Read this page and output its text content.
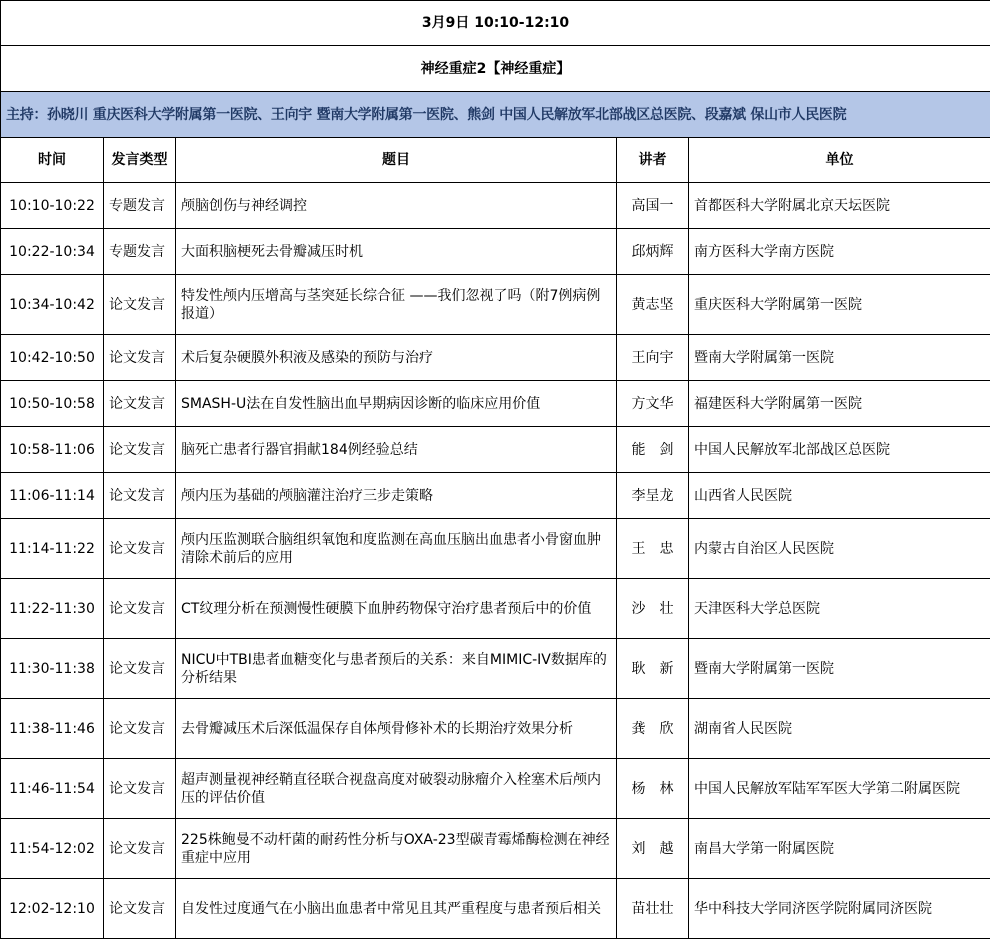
3月9日 10:10-12:10				
神经重症2【神经重症】				
主持：孙晓川 重庆医科大学附属第一医院、王向宇 暨南大学附属第一医院、熊剑 中国人民解放军北部战区总医院、段嘉斌 保山市人民医院				
时间	发言类型	题目	讲者	单位
10:10-10:22	专题发言	颅脑创伤与神经调控	高国一	首都医科大学附属北京天坛医院
10:22-10:34	专题发言	大面积脑梗死去骨瓣减压时机	邱炳辉	南方医科大学南方医院
10:34-10:42	论文发言	特发性颅内压增高与茎突延长综合征 ——我们忽视了吗（附7例病例报道）	黄志坚	重庆医科大学附属第一医院
10:42-10:50	论文发言	术后复杂硬膜外积液及感染的预防与治疗	王向宇	暨南大学附属第一医院
10:50-10:58	论文发言	SMASH-U法在自发性脑出血早期病因诊断的临床应用价值	方文华	福建医科大学附属第一医院
10:58-11:06	论文发言	脑死亡患者行器官捐献184例经验总结	能　剑	中国人民解放军北部战区总医院
11:06-11:14	论文发言	颅内压为基础的颅脑灌注治疗三步走策略	李呈龙	山西省人民医院
11:14-11:22	论文发言	颅内压监测联合脑组织氧饱和度监测在高血压脑出血患者小骨窗血肿清除术前后的应用	王　忠	内蒙古自治区人民医院
11:22-11:30	论文发言	CT纹理分析在预测慢性硬膜下血肿药物保守治疗患者预后中的价值	沙　壮	天津医科大学总医院
11:30-11:38	论文发言	NICU中TBI患者血糖变化与患者预后的关系：来自MIMIC-IV数据库的分析结果	耿　新	暨南大学附属第一医院
11:38-11:46	论文发言	去骨瓣减压术后深低温保存自体颅骨修补术的长期治疗效果分析	龚　欣	湖南省人民医院
11:46-11:54	论文发言	超声测量视神经鞘直径联合视盘高度对破裂动脉瘤介入栓塞术后颅内压的评估价值	杨　林	中国人民解放军陆军军医大学第二附属医院
11:54-12:02	论文发言	225株鲍曼不动杆菌的耐药性分析与OXA-23型碳青霉烯酶检测在神经重症中应用	刘　越	南昌大学第一附属医院
12:02-12:10	论文发言	自发性过度通气在小脑出血患者中常见且其严重程度与患者预后相关	苗壮壮	华中科技大学同济医学院附属同济医院
